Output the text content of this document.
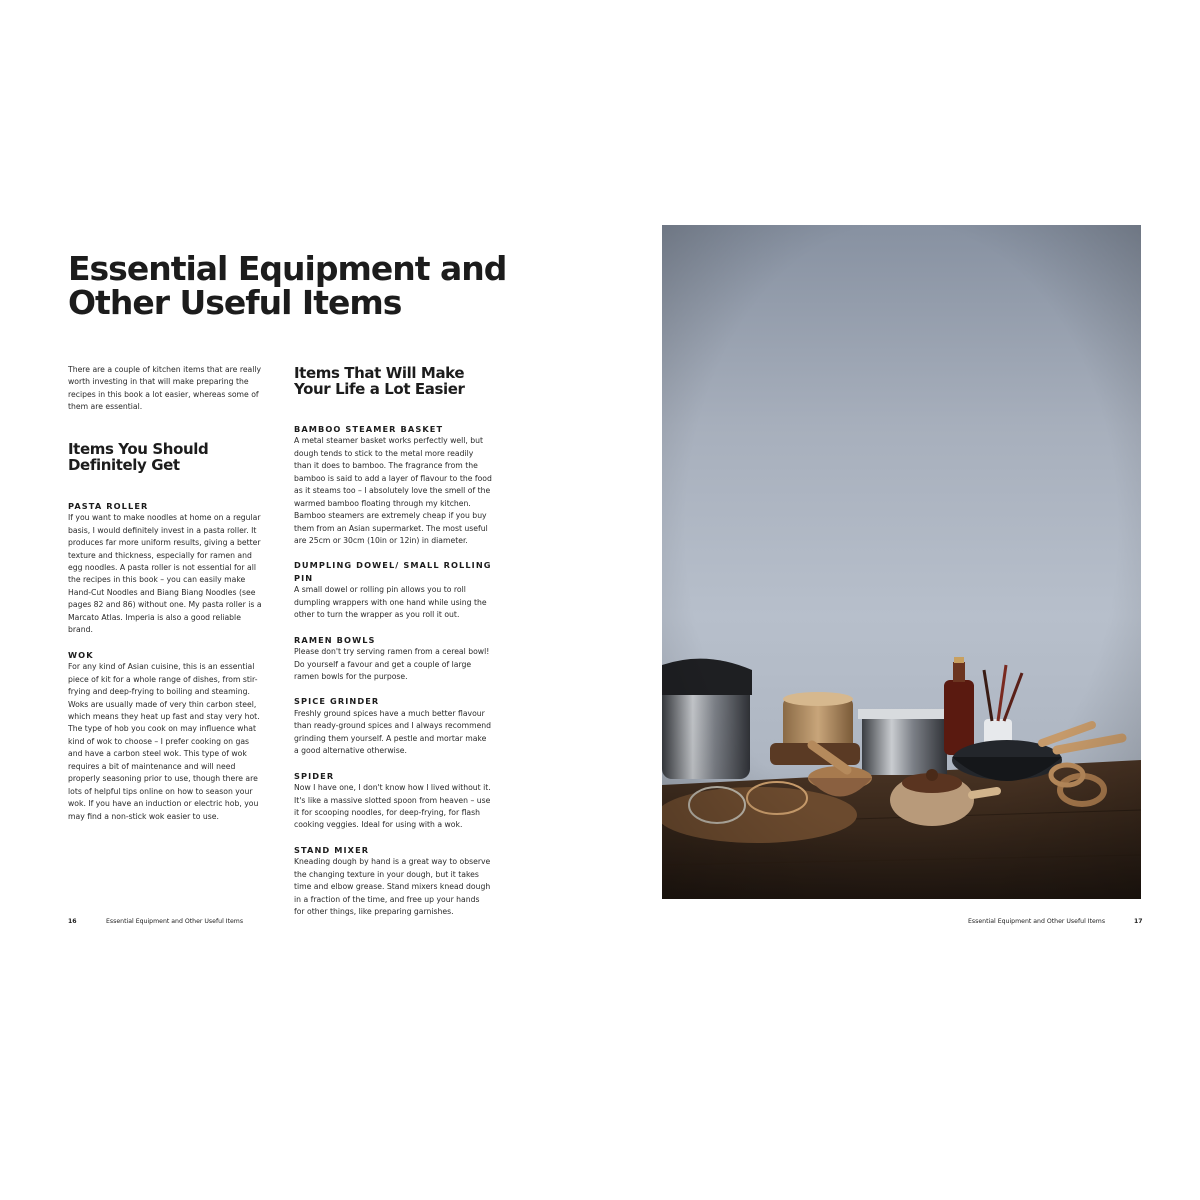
Essential Equipment and Other Useful Items

There are a couple of kitchen items that are really worth investing in that will make preparing the recipes in this book a lot easier, whereas some of them are essential.

Items You Should Definitely Get
PASTA ROLLER

If you want to make noodles at home on a regular basis, I would definitely invest in a pasta roller. It produces far more uniform results, giving a better texture and thickness, especially for ramen and egg noodles. A pasta roller is not essential for all the recipes in this book – you can easily make Hand-Cut Noodles and Biang Biang Noodles (see pages 82 and 86) without one. My pasta roller is a Marcato Atlas. Imperia is also a good reliable brand.

WOK

For any kind of Asian cuisine, this is an essential piece of kit for a whole range of dishes, from stir-frying and deep-frying to boiling and steaming. Woks are usually made of very thin carbon steel, which means they heat up fast and stay very hot. The type of hob you cook on may influence what kind of wok to choose – I prefer cooking on gas and have a carbon steel wok. This type of wok requires a bit of maintenance and will need properly seasoning prior to use, though there are lots of helpful tips online on how to season your wok. If you have an induction or electric hob, you may find a non-stick wok easier to use.

Items That Will Make Your Life a Lot Easier
BAMBOO STEAMER BASKET

A metal steamer basket works perfectly well, but dough tends to stick to the metal more readily than it does to bamboo. The fragrance from the bamboo is said to add a layer of flavour to the food as it steams too – I absolutely love the smell of the warmed bamboo floating through my kitchen. Bamboo steamers are extremely cheap if you buy them from an Asian supermarket. The most useful are 25cm or 30cm (10in or 12in) in diameter.

DUMPLING DOWEL/ SMALL ROLLING PIN

A small dowel or rolling pin allows you to roll dumpling wrappers with one hand while using the other to turn the wrapper as you roll it out.

RAMEN BOWLS

Please don't try serving ramen from a cereal bowl! Do yourself a favour and get a couple of large ramen bowls for the purpose.

SPICE GRINDER

Freshly ground spices have a much better flavour than ready-ground spices and I always recommend grinding them yourself. A pestle and mortar make a good alternative otherwise.

SPIDER

Now I have one, I don't know how I lived without it. It's like a massive slotted spoon from heaven – use it for scooping noodles, for deep-frying, for flash cooking veggies. Ideal for using with a wok.

STAND MIXER

Kneading dough by hand is a great way to observe the changing texture in your dough, but it takes time and elbow grease. Stand mixers knead dough in a fraction of the time, and free up your hands for other things, like preparing garnishes.

16	Essential Equipment and Other Useful Items	Essential Equipment and Other Useful Items	17
